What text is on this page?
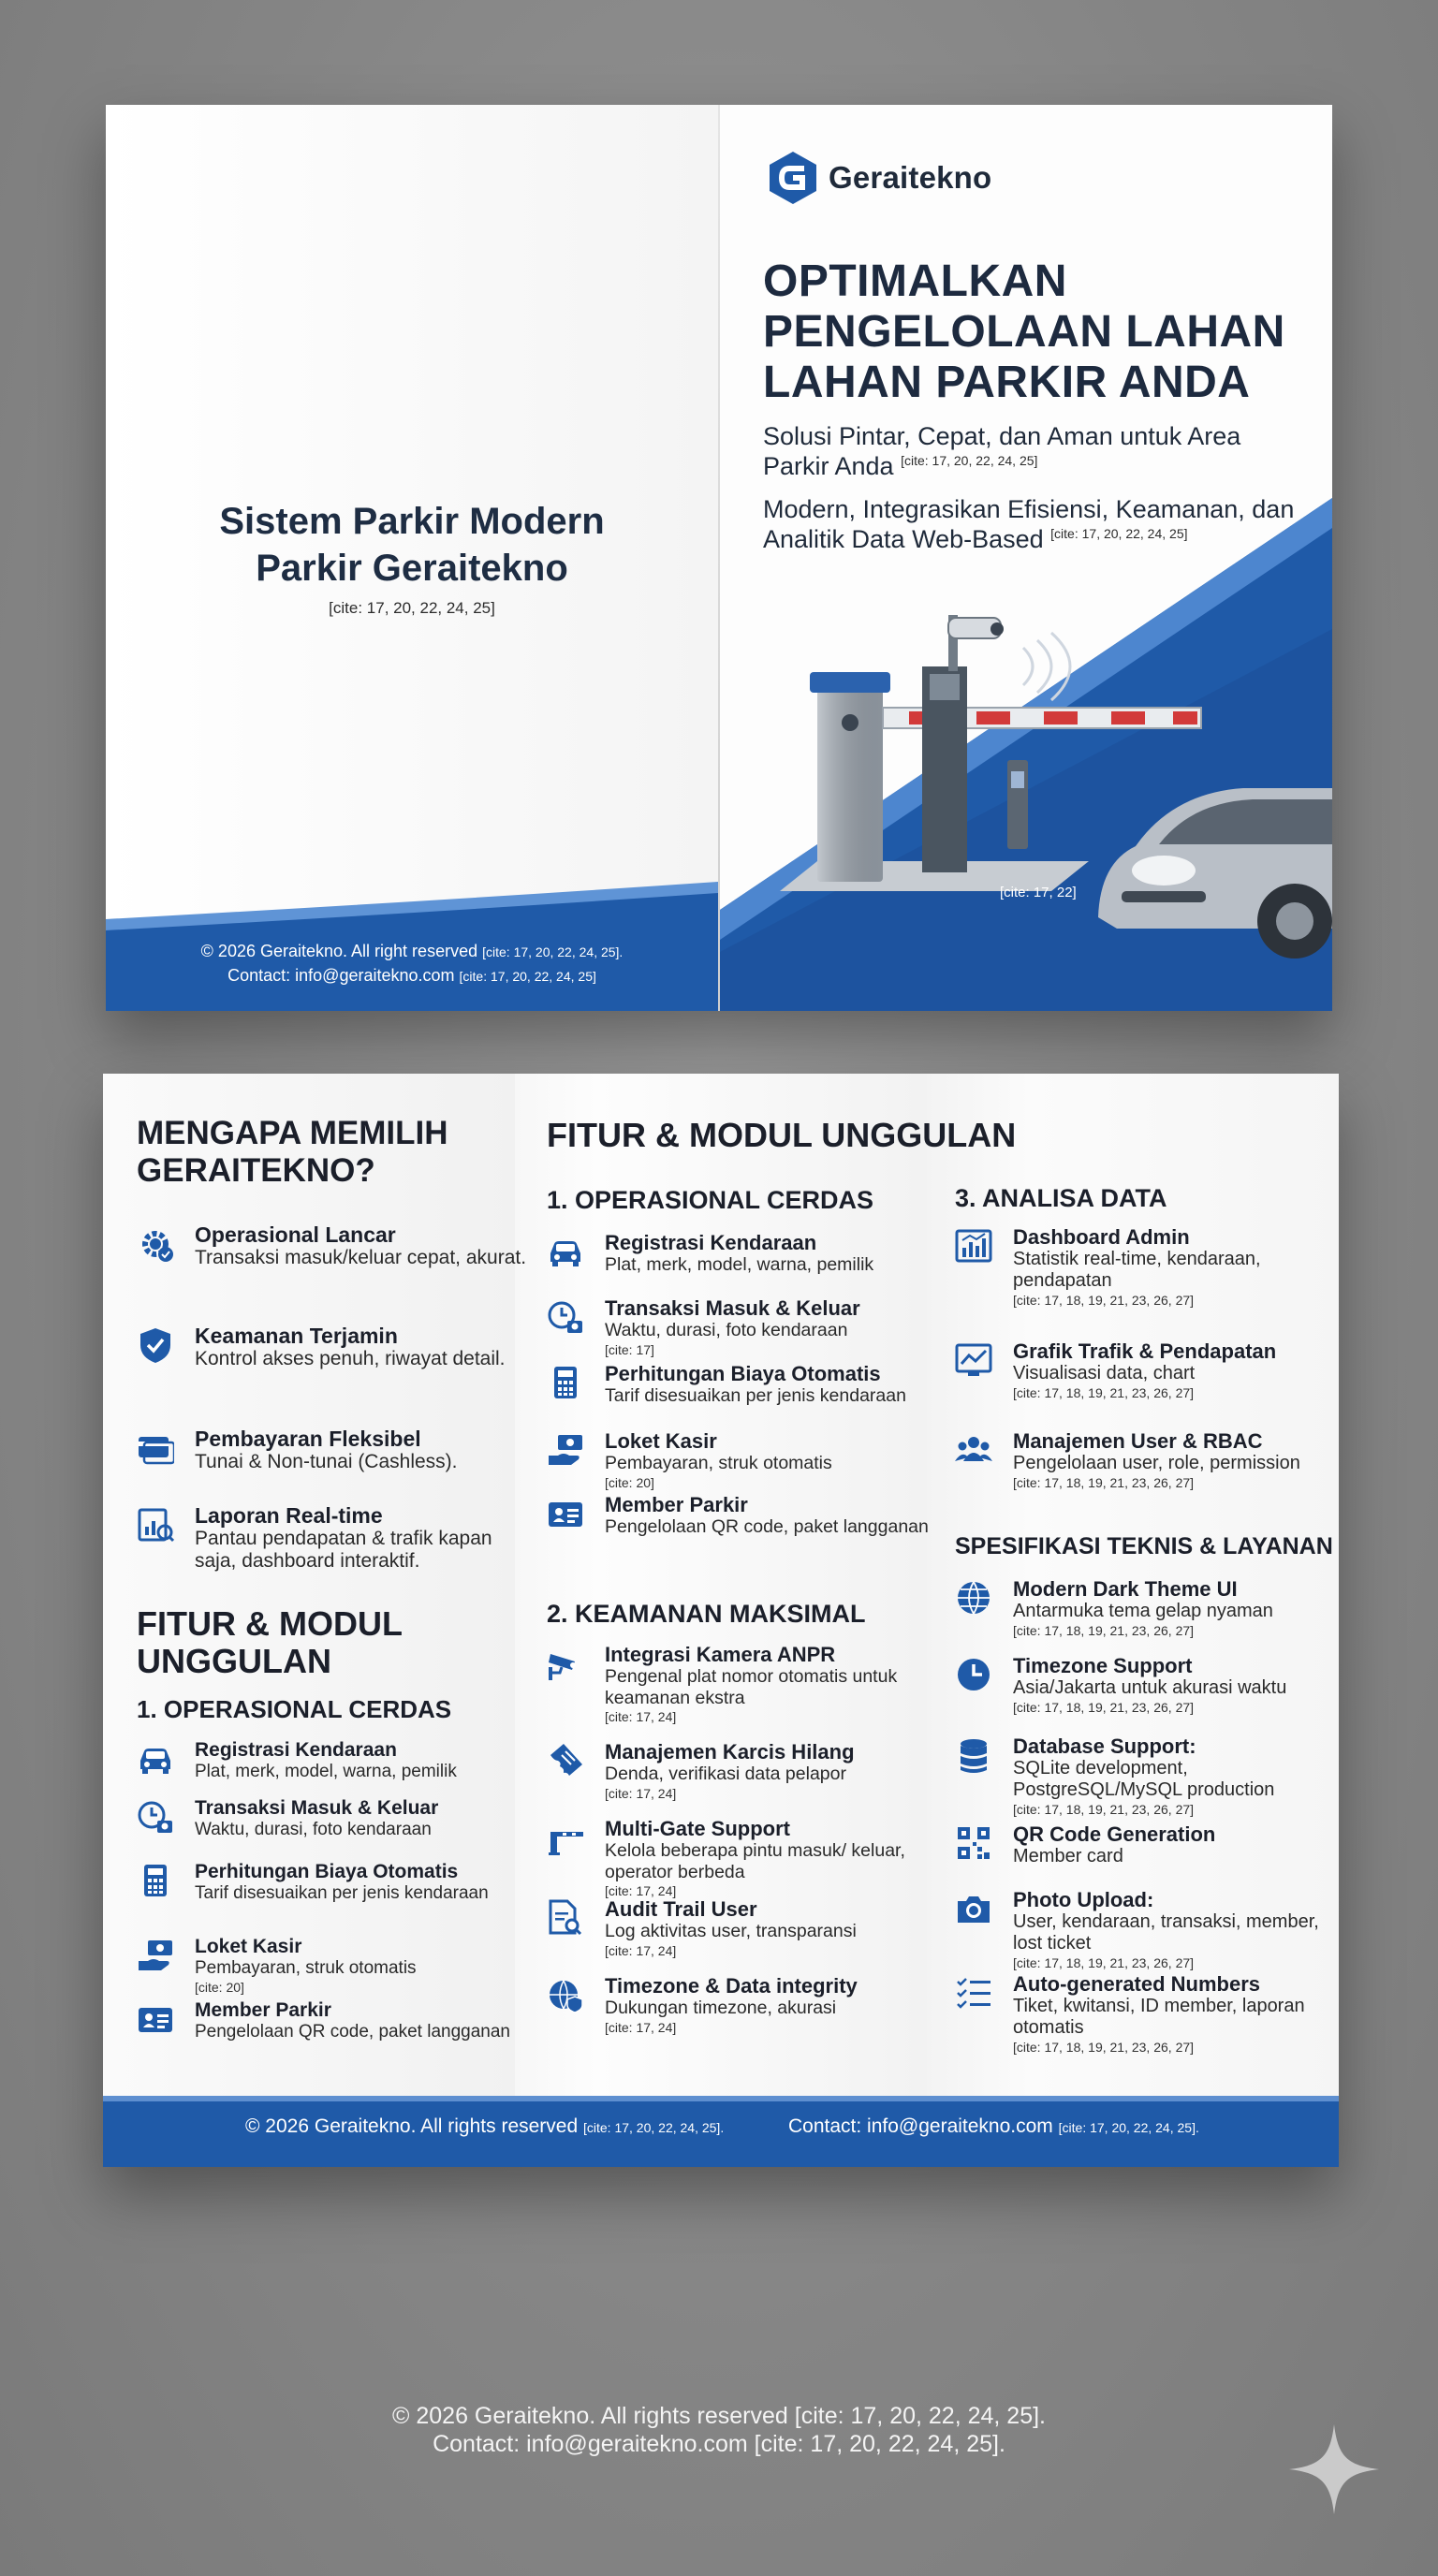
Geraitekno
OPTIMALKAN PENGELOLAAN LAHAN LAHAN PARKIR ANDA
Solusi Pintar, Cepat, dan Aman untuk Area Parkir Anda [cite: 17, 20, 22, 24, 25]
Modern, Integrasikan Efisiensi, Keamanan, dan Analitik Data Web-Based [cite: 17, 20, 22, 24, 25]
[cite: 17, 22]
Sistem Parkir Modern
Parkir Geraitekno
[cite: 17, 20, 22, 24, 25]
© 2026 Geraitekno. All right reserved [cite: 17, 20, 22, 24, 25].
Contact: info@geraitekno.com [cite: 17, 20, 22, 24, 25]
MENGAPA MEMILIH GERAITEKNO?
Operasional Lancar
Transaksi masuk/keluar cepat, akurat.
Keamanan Terjamin
Kontrol akses penuh, riwayat detail.
Pembayaran Fleksibel
Tunai & Non-tunai (Cashless).
Laporan Real-time
Pantau pendapatan & trafik kapan saja, dashboard interaktif.
FITUR & MODUL UNGGULAN
1. OPERASIONAL CERDAS
Registrasi Kendaraan
Plat, merk, model, warna, pemilik
Transaksi Masuk & Keluar
Waktu, durasi, foto kendaraan
Perhitungan Biaya Otomatis
Tarif disesuaikan per jenis kendaraan
Loket Kasir
Pembayaran, struk otomatis
[cite: 20]
Member Parkir
Pengelolaan QR code, paket langganan
FITUR & MODUL UNGGULAN
1. OPERASIONAL CERDAS
Registrasi Kendaraan
Plat, merk, model, warna, pemilik
Transaksi Masuk & Keluar
Waktu, durasi, foto kendaraan
[cite: 17]
Perhitungan Biaya Otomatis
Tarif disesuaikan per jenis kendaraan
Loket Kasir
Pembayaran, struk otomatis
[cite: 20]
Member Parkir
Pengelolaan QR code, paket langganan
2. KEAMANAN MAKSIMAL
Integrasi Kamera ANPR
Pengenal plat nomor otomatis untuk keamanan ekstra
[cite: 17, 24]
Manajemen Karcis Hilang
Denda, verifikasi data pelapor
[cite: 17, 24]
Multi-Gate Support
Kelola beberapa pintu masuk/ keluar, operator berbeda
[cite: 17, 24]
Audit Trail User
Log aktivitas user, transparansi
[cite: 17, 24]
Timezone & Data integrity
Dukungan timezone, akurasi
[cite: 17, 24]
3. ANALISA DATA
Dashboard Admin
Statistik real-time, kendaraan, pendapatan
[cite: 17, 18, 19, 21, 23, 26, 27]
Grafik Trafik & Pendapatan
Visualisasi data, chart
[cite: 17, 18, 19, 21, 23, 26, 27]
Manajemen User & RBAC
Pengelolaan user, role, permission
[cite: 17, 18, 19, 21, 23, 26, 27]
SPESIFIKASI TEKNIS & LAYANAN
Modern Dark Theme UI
Antarmuka tema gelap nyaman
[cite: 17, 18, 19, 21, 23, 26, 27]
Timezone Support
Asia/Jakarta untuk akurasi waktu
[cite: 17, 18, 19, 21, 23, 26, 27]
Database Support:
SQLite development, PostgreSQL/MySQL production
[cite: 17, 18, 19, 21, 23, 26, 27]
QR Code Generation
Member card
Photo Upload:
User, kendaraan, transaksi, member, lost ticket
[cite: 17, 18, 19, 21, 23, 26, 27]
Auto-generated Numbers
Tiket, kwitansi, ID member, laporan otomatis
[cite: 17, 18, 19, 21, 23, 26, 27]
© 2026 Geraitekno. All rights reserved [cite: 17, 20, 22, 24, 25].	Contact: info@geraitekno.com [cite: 17, 20, 22, 24, 25].
© 2026 Geraitekno. All rights reserved [cite: 17, 20, 22, 24, 25].
Contact: info@geraitekno.com [cite: 17, 20, 22, 24, 25].
